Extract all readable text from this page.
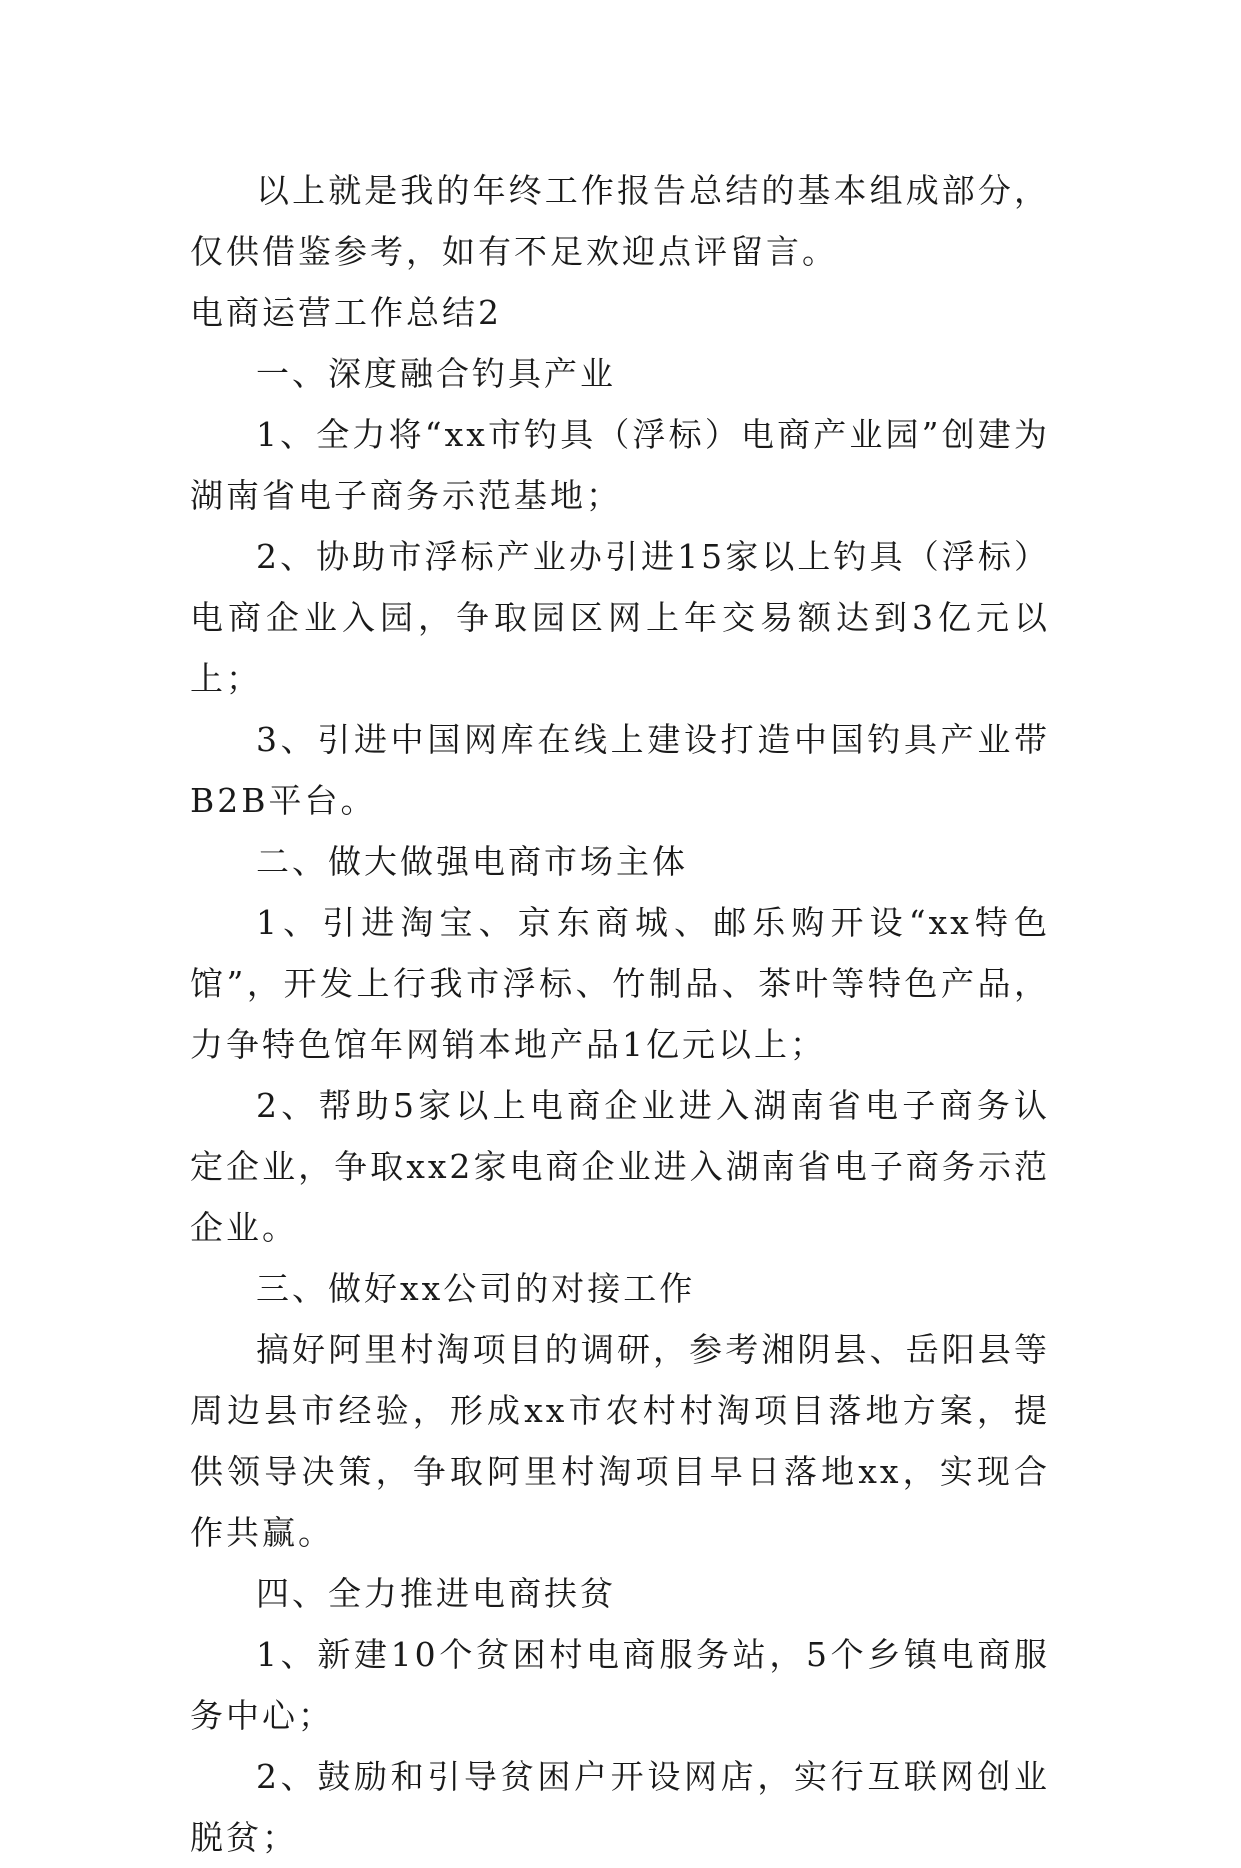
以上就是我的年终工作报告总结的基本组成部分，仅供借鉴参考，如有不足欢迎点评留言。

电商运营工作总结2

一、深度融合钓具产业

1、全力将“xx市钓具（浮标）电商产业园”创建为湖南省电子商务示范基地；

2、协助市浮标产业办引进15家以上钓具（浮标）电商企业入园，争取园区网上年交易额达到3亿元以上；

3、引进中国网库在线上建设打造中国钓具产业带B2B平台。

二、做大做强电商市场主体

1、引进淘宝、京东商城、邮乐购开设“xx特色馆”，开发上行我市浮标、竹制品、茶叶等特色产品，力争特色馆年网销本地产品1亿元以上；

2、帮助5家以上电商企业进入湖南省电子商务认定企业，争取xx2家电商企业进入湖南省电子商务示范企业。

三、做好xx公司的对接工作

搞好阿里村淘项目的调研，参考湘阴县、岳阳县等周边县市经验，形成xx市农村村淘项目落地方案，提供领导决策，争取阿里村淘项目早日落地xx，实现合作共赢。

四、全力推进电商扶贫

1、新建10个贫困村电商服务站，5个乡镇电商服务中心；

2、鼓励和引导贫困户开设网店，实行互联网创业脱贫；
